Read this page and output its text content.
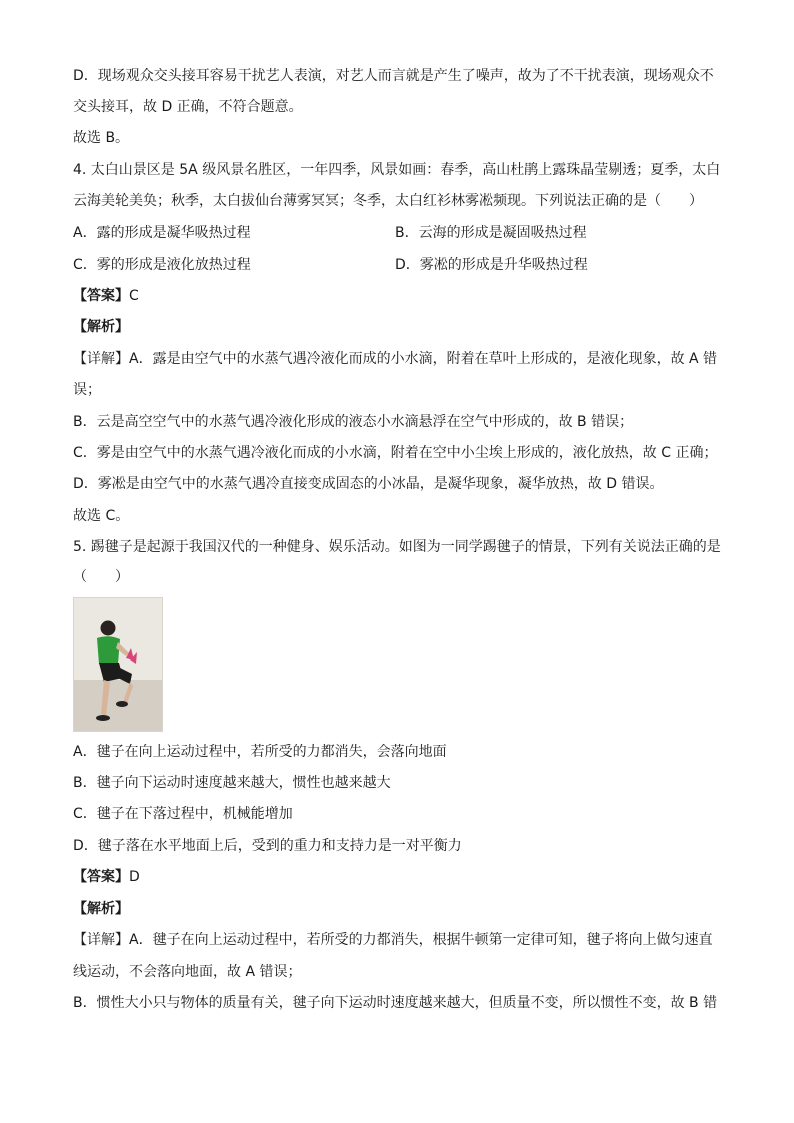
D．现场观众交头接耳容易干扰艺人表演，对艺人而言就是产生了噪声，故为了不干扰表演，现场观众不
交头接耳，故 D 正确，不符合题意。
故选 B。
4. 太白山景区是 5A 级风景名胜区，一年四季，风景如画：春季，高山杜鹃上露珠晶莹剔透；夏季，太白
云海美轮美奂；秋季，太白拔仙台薄雾冥冥；冬季，太白红衫林雾凇频现。下列说法正确的是（　　）
A．露的形成是凝华吸热过程	B．云海的形成是凝固吸热过程
C．雾的形成是液化放热过程	D．雾凇的形成是升华吸热过程
【答案】C
【解析】
【详解】A．露是由空气中的水蒸气遇冷液化而成的小水滴，附着在草叶上形成的，是液化现象，故 A 错
误；
B．云是高空空气中的水蒸气遇冷液化形成的液态小水滴悬浮在空气中形成的，故 B 错误；
C．雾是由空气中的水蒸气遇冷液化而成的小水滴，附着在空中小尘埃上形成的，液化放热，故 C 正确；
D．雾凇是由空气中的水蒸气遇冷直接变成固态的小冰晶，是凝华现象，凝华放热，故 D 错误。
故选 C。
5. 踢毽子是起源于我国汉代的一种健身、娱乐活动。如图为一同学踢毽子的情景，下列有关说法正确的是
（　　）
A．毽子在向上运动过程中，若所受的力都消失，会落向地面
B．毽子向下运动时速度越来越大，惯性也越来越大
C．毽子在下落过程中，机械能增加
D．毽子落在水平地面上后，受到的重力和支持力是一对平衡力
【答案】D
【解析】
【详解】A．毽子在向上运动过程中，若所受的力都消失，根据牛顿第一定律可知，毽子将向上做匀速直
线运动，不会落向地面，故 A 错误；
B．惯性大小只与物体的质量有关，毽子向下运动时速度越来越大，但质量不变，所以惯性不变，故 B 错
